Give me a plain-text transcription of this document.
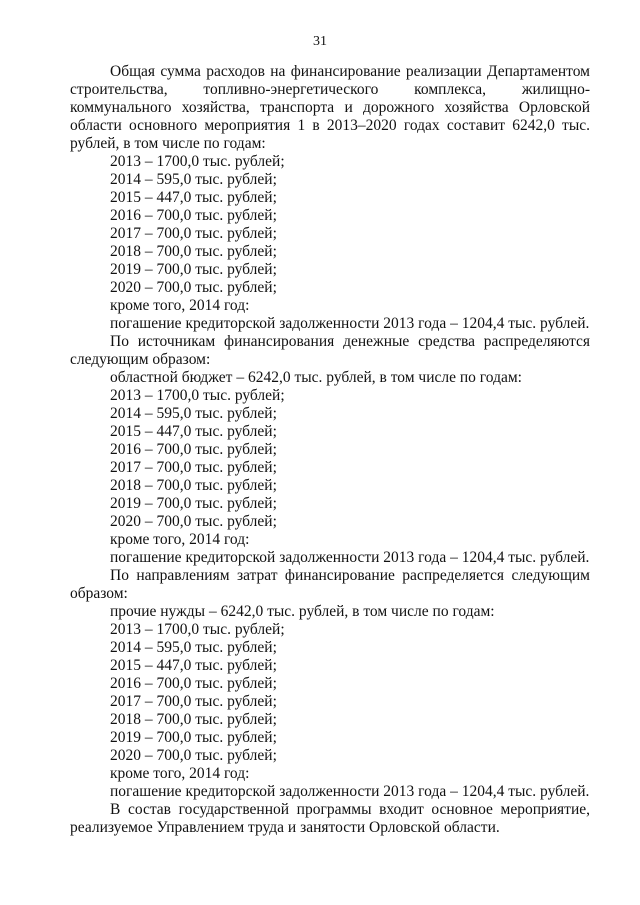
31

Общая сумма расходов на финансирование реализации Департаментом строительства, топливно-энергетического комплекса, жилищно-коммунального хозяйства, транспорта и дорожного хозяйства Орловской области основного мероприятия 1 в 2013–2020 годах составит 6242,0 тыс. рублей, в том числе по годам:

2013 – 1700,0 тыс. рублей;

2014 – 595,0 тыс. рублей;

2015 – 447,0 тыс. рублей;

2016 – 700,0 тыс. рублей;

2017 – 700,0 тыс. рублей;

2018 – 700,0 тыс. рублей;

2019 – 700,0 тыс. рублей;

2020 – 700,0 тыс. рублей;

кроме того, 2014 год:

погашение кредиторской задолженности 2013 года – 1204,4 тыс. рублей.

По источникам финансирования денежные средства распределяются следующим образом:

областной бюджет – 6242,0 тыс. рублей, в том числе по годам:

2013 – 1700,0 тыс. рублей;

2014 – 595,0 тыс. рублей;

2015 – 447,0 тыс. рублей;

2016 – 700,0 тыс. рублей;

2017 – 700,0 тыс. рублей;

2018 – 700,0 тыс. рублей;

2019 – 700,0 тыс. рублей;

2020 – 700,0 тыс. рублей;

кроме того, 2014 год:

погашение кредиторской задолженности 2013 года – 1204,4 тыс. рублей.

По направлениям затрат финансирование распределяется следующим образом:

прочие нужды – 6242,0 тыс. рублей, в том числе по годам:

2013 – 1700,0 тыс. рублей;

2014 – 595,0 тыс. рублей;

2015 – 447,0 тыс. рублей;

2016 – 700,0 тыс. рублей;

2017 – 700,0 тыс. рублей;

2018 – 700,0 тыс. рублей;

2019 – 700,0 тыс. рублей;

2020 – 700,0 тыс. рублей;

кроме того, 2014 год:

погашение кредиторской задолженности 2013 года – 1204,4 тыс. рублей.

В состав государственной программы входит основное мероприятие, реализуемое Управлением труда и занятости Орловской области.
